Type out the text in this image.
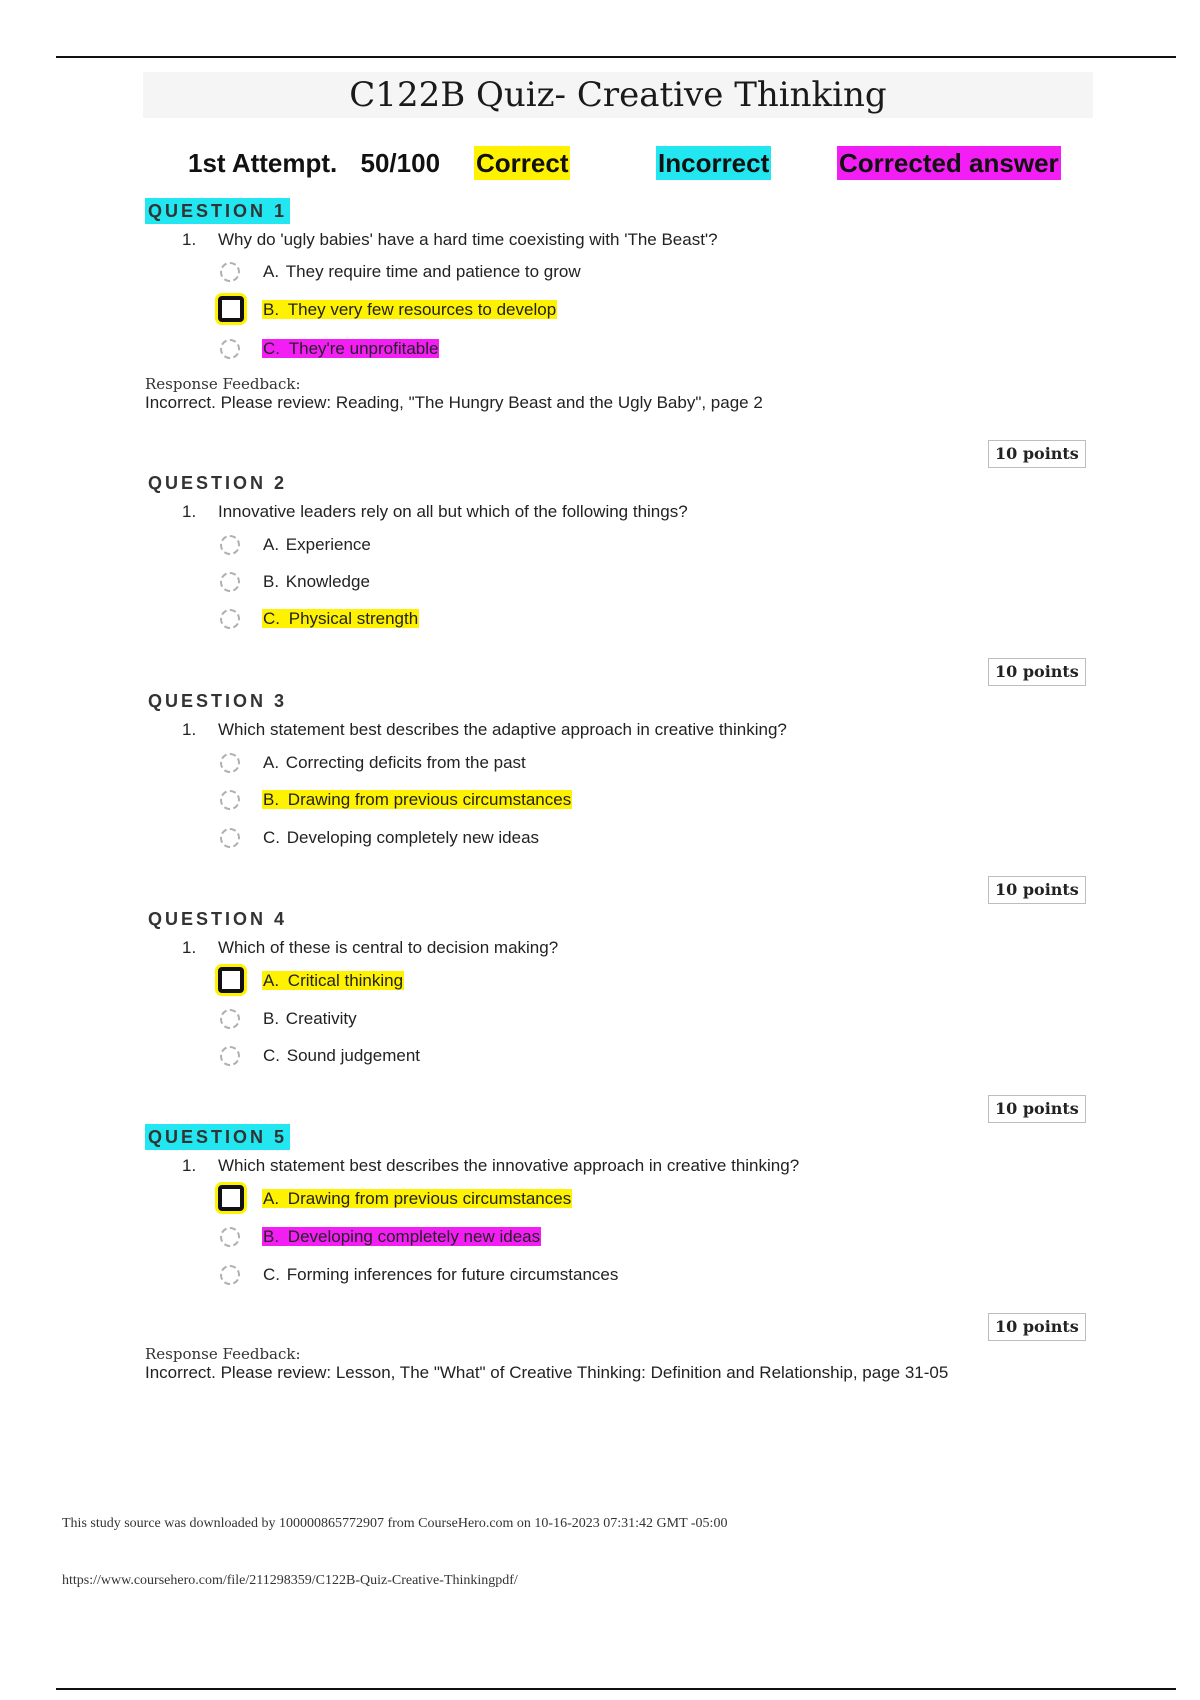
C122B Quiz- Creative Thinking
1st Attempt. 50/100 Correct	Incorrect	Corrected answer
QUESTION 1
1. Why do 'ugly babies' have a hard time coexisting with 'The Beast'?
A. They require time and patience to grow
B. They very few resources to develop
C. They're unprofitable
Response Feedback:
Incorrect. Please review: Reading, "The Hungry Beast and the Ugly Baby", page 2
10 points
QUESTION 2
1. Innovative leaders rely on all but which of the following things?
A. Experience
B. Knowledge
C. Physical strength
10 points
QUESTION 3
1. Which statement best describes the adaptive approach in creative thinking?
A. Correcting deficits from the past
B. Drawing from previous circumstances
C. Developing completely new ideas
10 points
QUESTION 4
1. Which of these is central to decision making?
A. Critical thinking
B. Creativity
C. Sound judgement
10 points
QUESTION 5
1. Which statement best describes the innovative approach in creative thinking?
A. Drawing from previous circumstances
B. Developing completely new ideas
C. Forming inferences for future circumstances
10 points
Response Feedback:
Incorrect. Please review: Lesson, The "What" of Creative Thinking: Definition and Relationship, page 31-05
This study source was downloaded by 100000865772907 from CourseHero.com on 10-16-2023 07:31:42 GMT -05:00
https://www.coursehero.com/file/211298359/C122B-Quiz-Creative-Thinkingpdf/
